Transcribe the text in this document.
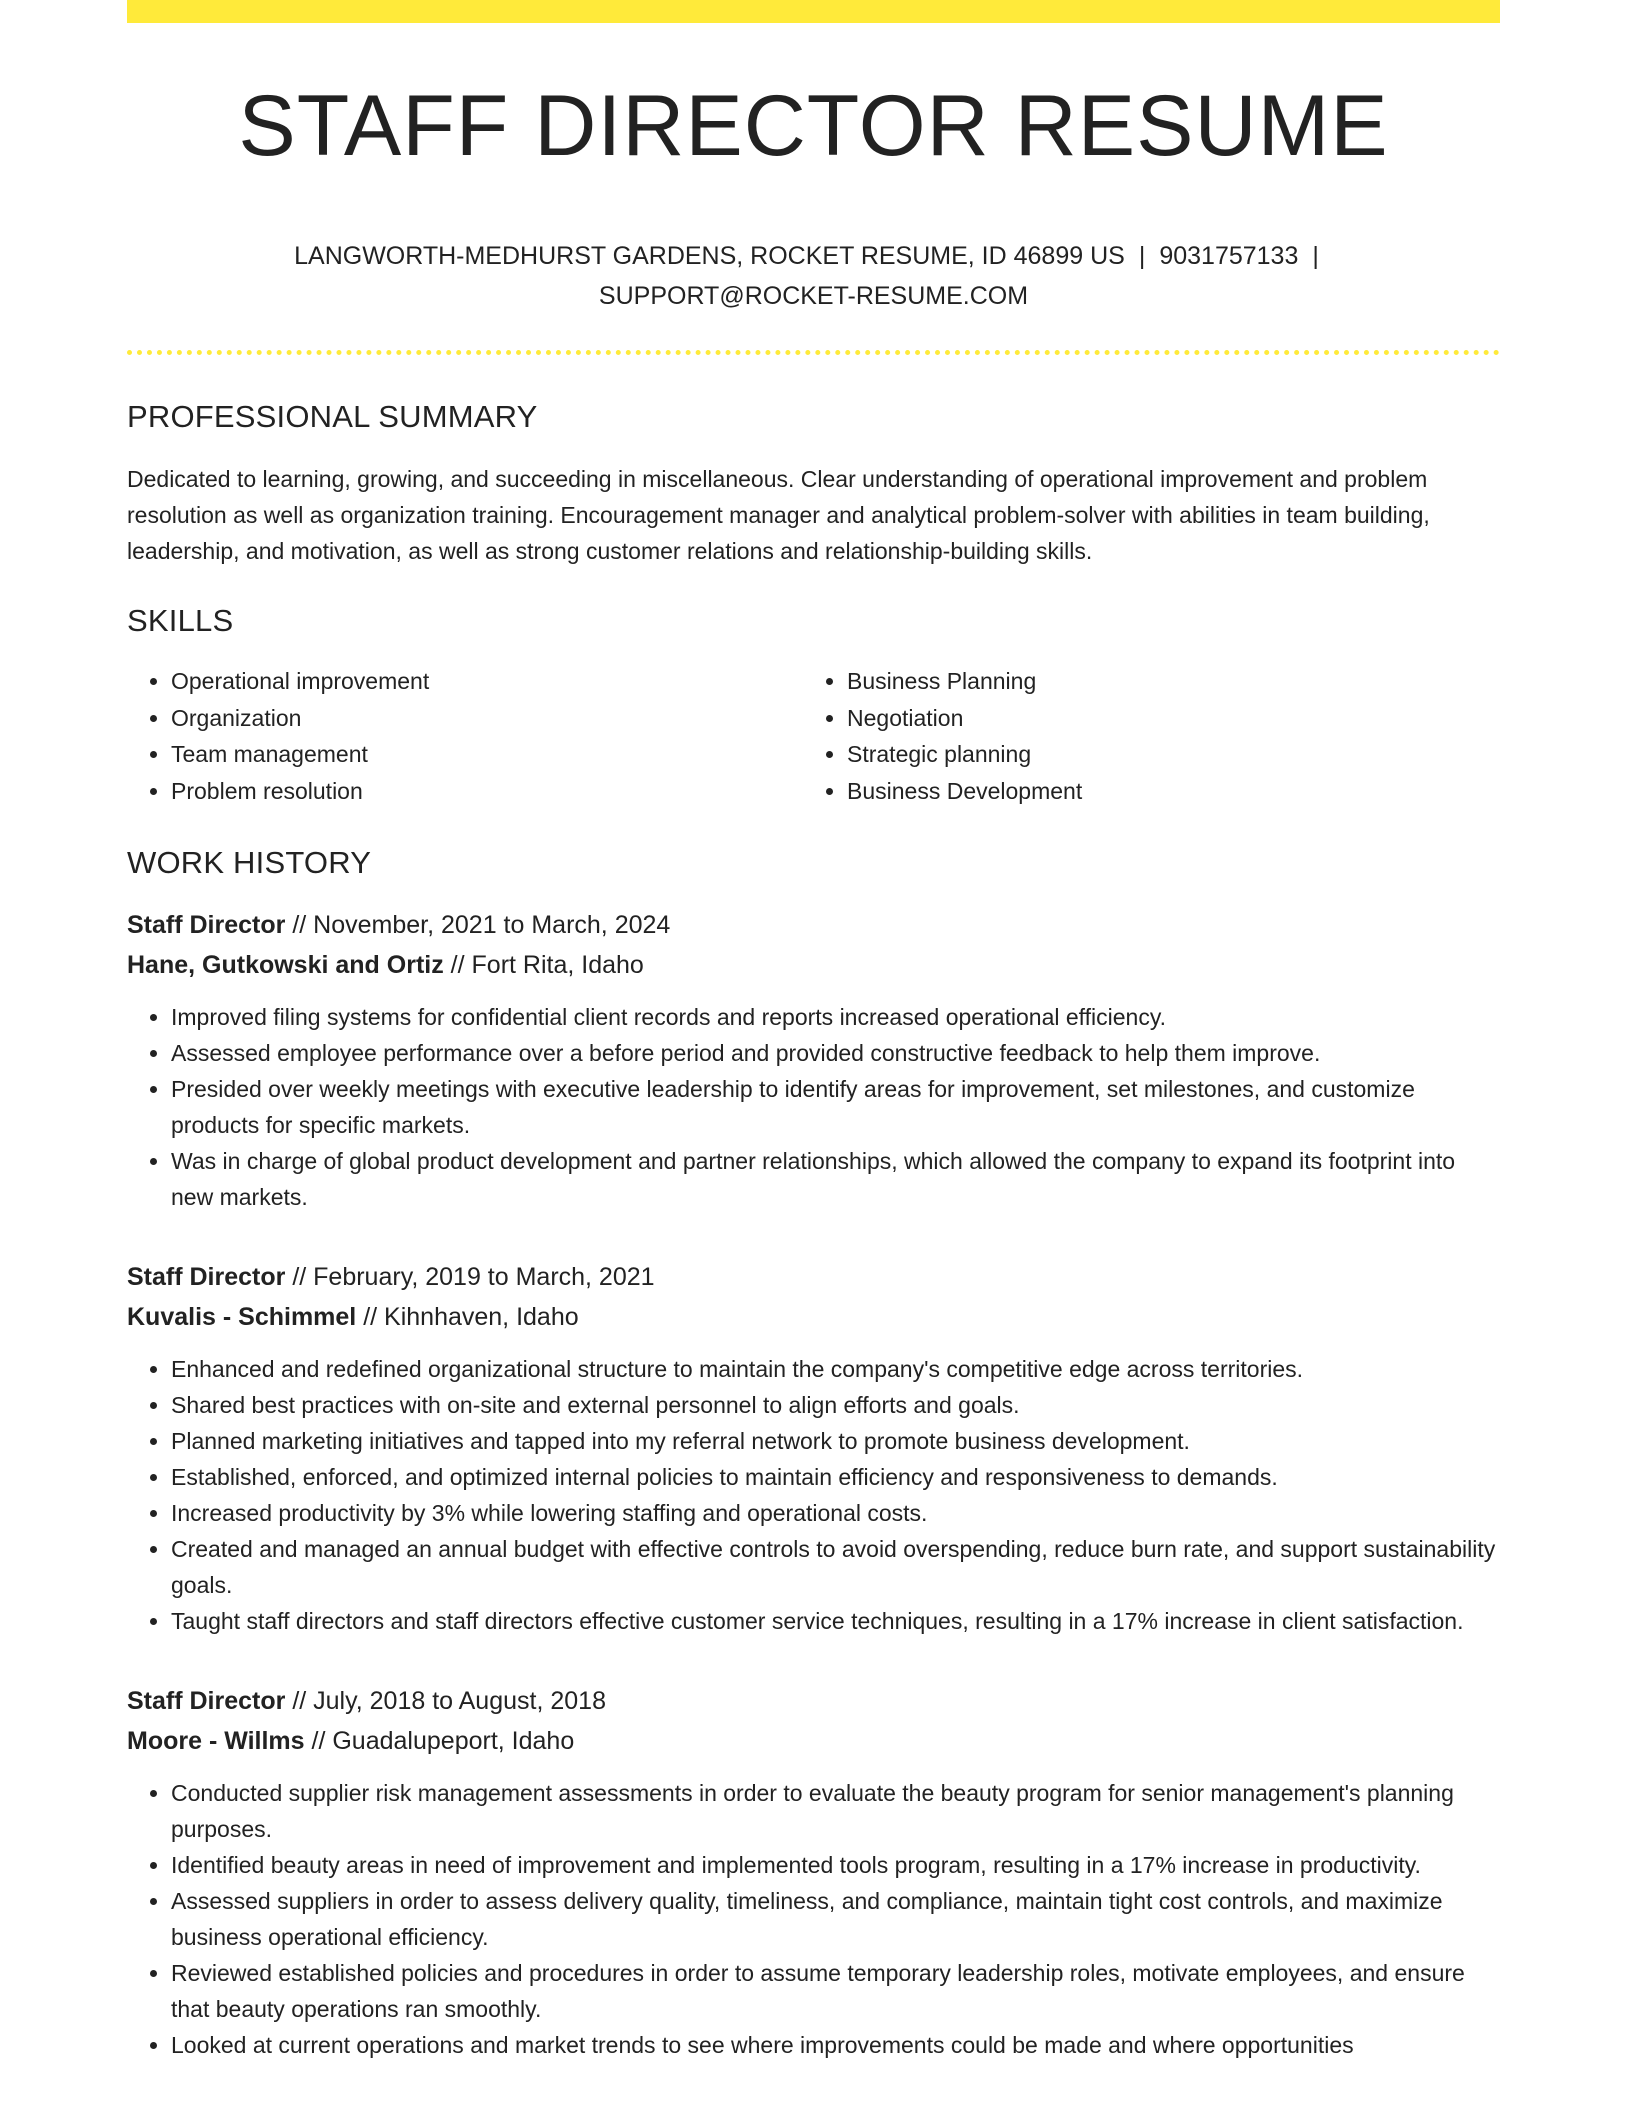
STAFF DIRECTOR RESUME
LANGWORTH-MEDHURST GARDENS, ROCKET RESUME, ID 46899 US | 9031757133 |
SUPPORT@ROCKET-RESUME.COM
PROFESSIONAL SUMMARY

Dedicated to learning, growing, and succeeding in miscellaneous. Clear understanding of operational improvement and problem resolution as well as organization training. Encouragement manager and analytical problem-solver with abilities in team building, leadership, and motivation, as well as strong customer relations and relationship-building skills.

SKILLS
• Operational improvement
• Organization
• Team management
• Problem resolution
• Business Planning
• Negotiation
• Strategic planning
• Business Development
WORK HISTORY
Staff Director // November, 2021 to March, 2024
Hane, Gutkowski and Ortiz // Fort Rita, Idaho
• Improved filing systems for confidential client records and reports increased operational efficiency.
• Assessed employee performance over a before period and provided constructive feedback to help them improve.
• Presided over weekly meetings with executive leadership to identify areas for improvement, set milestones, and customize products for specific markets.
• Was in charge of global product development and partner relationships, which allowed the company to expand its footprint into new markets.
Staff Director // February, 2019 to March, 2021
Kuvalis - Schimmel // Kihnhaven, Idaho
• Enhanced and redefined organizational structure to maintain the company's competitive edge across territories.
• Shared best practices with on-site and external personnel to align efforts and goals.
• Planned marketing initiatives and tapped into my referral network to promote business development.
• Established, enforced, and optimized internal policies to maintain efficiency and responsiveness to demands.
• Increased productivity by 3% while lowering staffing and operational costs.
• Created and managed an annual budget with effective controls to avoid overspending, reduce burn rate, and support sustainability goals.
• Taught staff directors and staff directors effective customer service techniques, resulting in a 17% increase in client satisfaction.
Staff Director // July, 2018 to August, 2018
Moore - Willms // Guadalupeport, Idaho
• Conducted supplier risk management assessments in order to evaluate the beauty program for senior management's planning purposes.
• Identified beauty areas in need of improvement and implemented tools program, resulting in a 17% increase in productivity.
• Assessed suppliers in order to assess delivery quality, timeliness, and compliance, maintain tight cost controls, and maximize business operational efficiency.
• Reviewed established policies and procedures in order to assume temporary leadership roles, motivate employees, and ensure that beauty operations ran smoothly.
• Looked at current operations and market trends to see where improvements could be made and where opportunities
